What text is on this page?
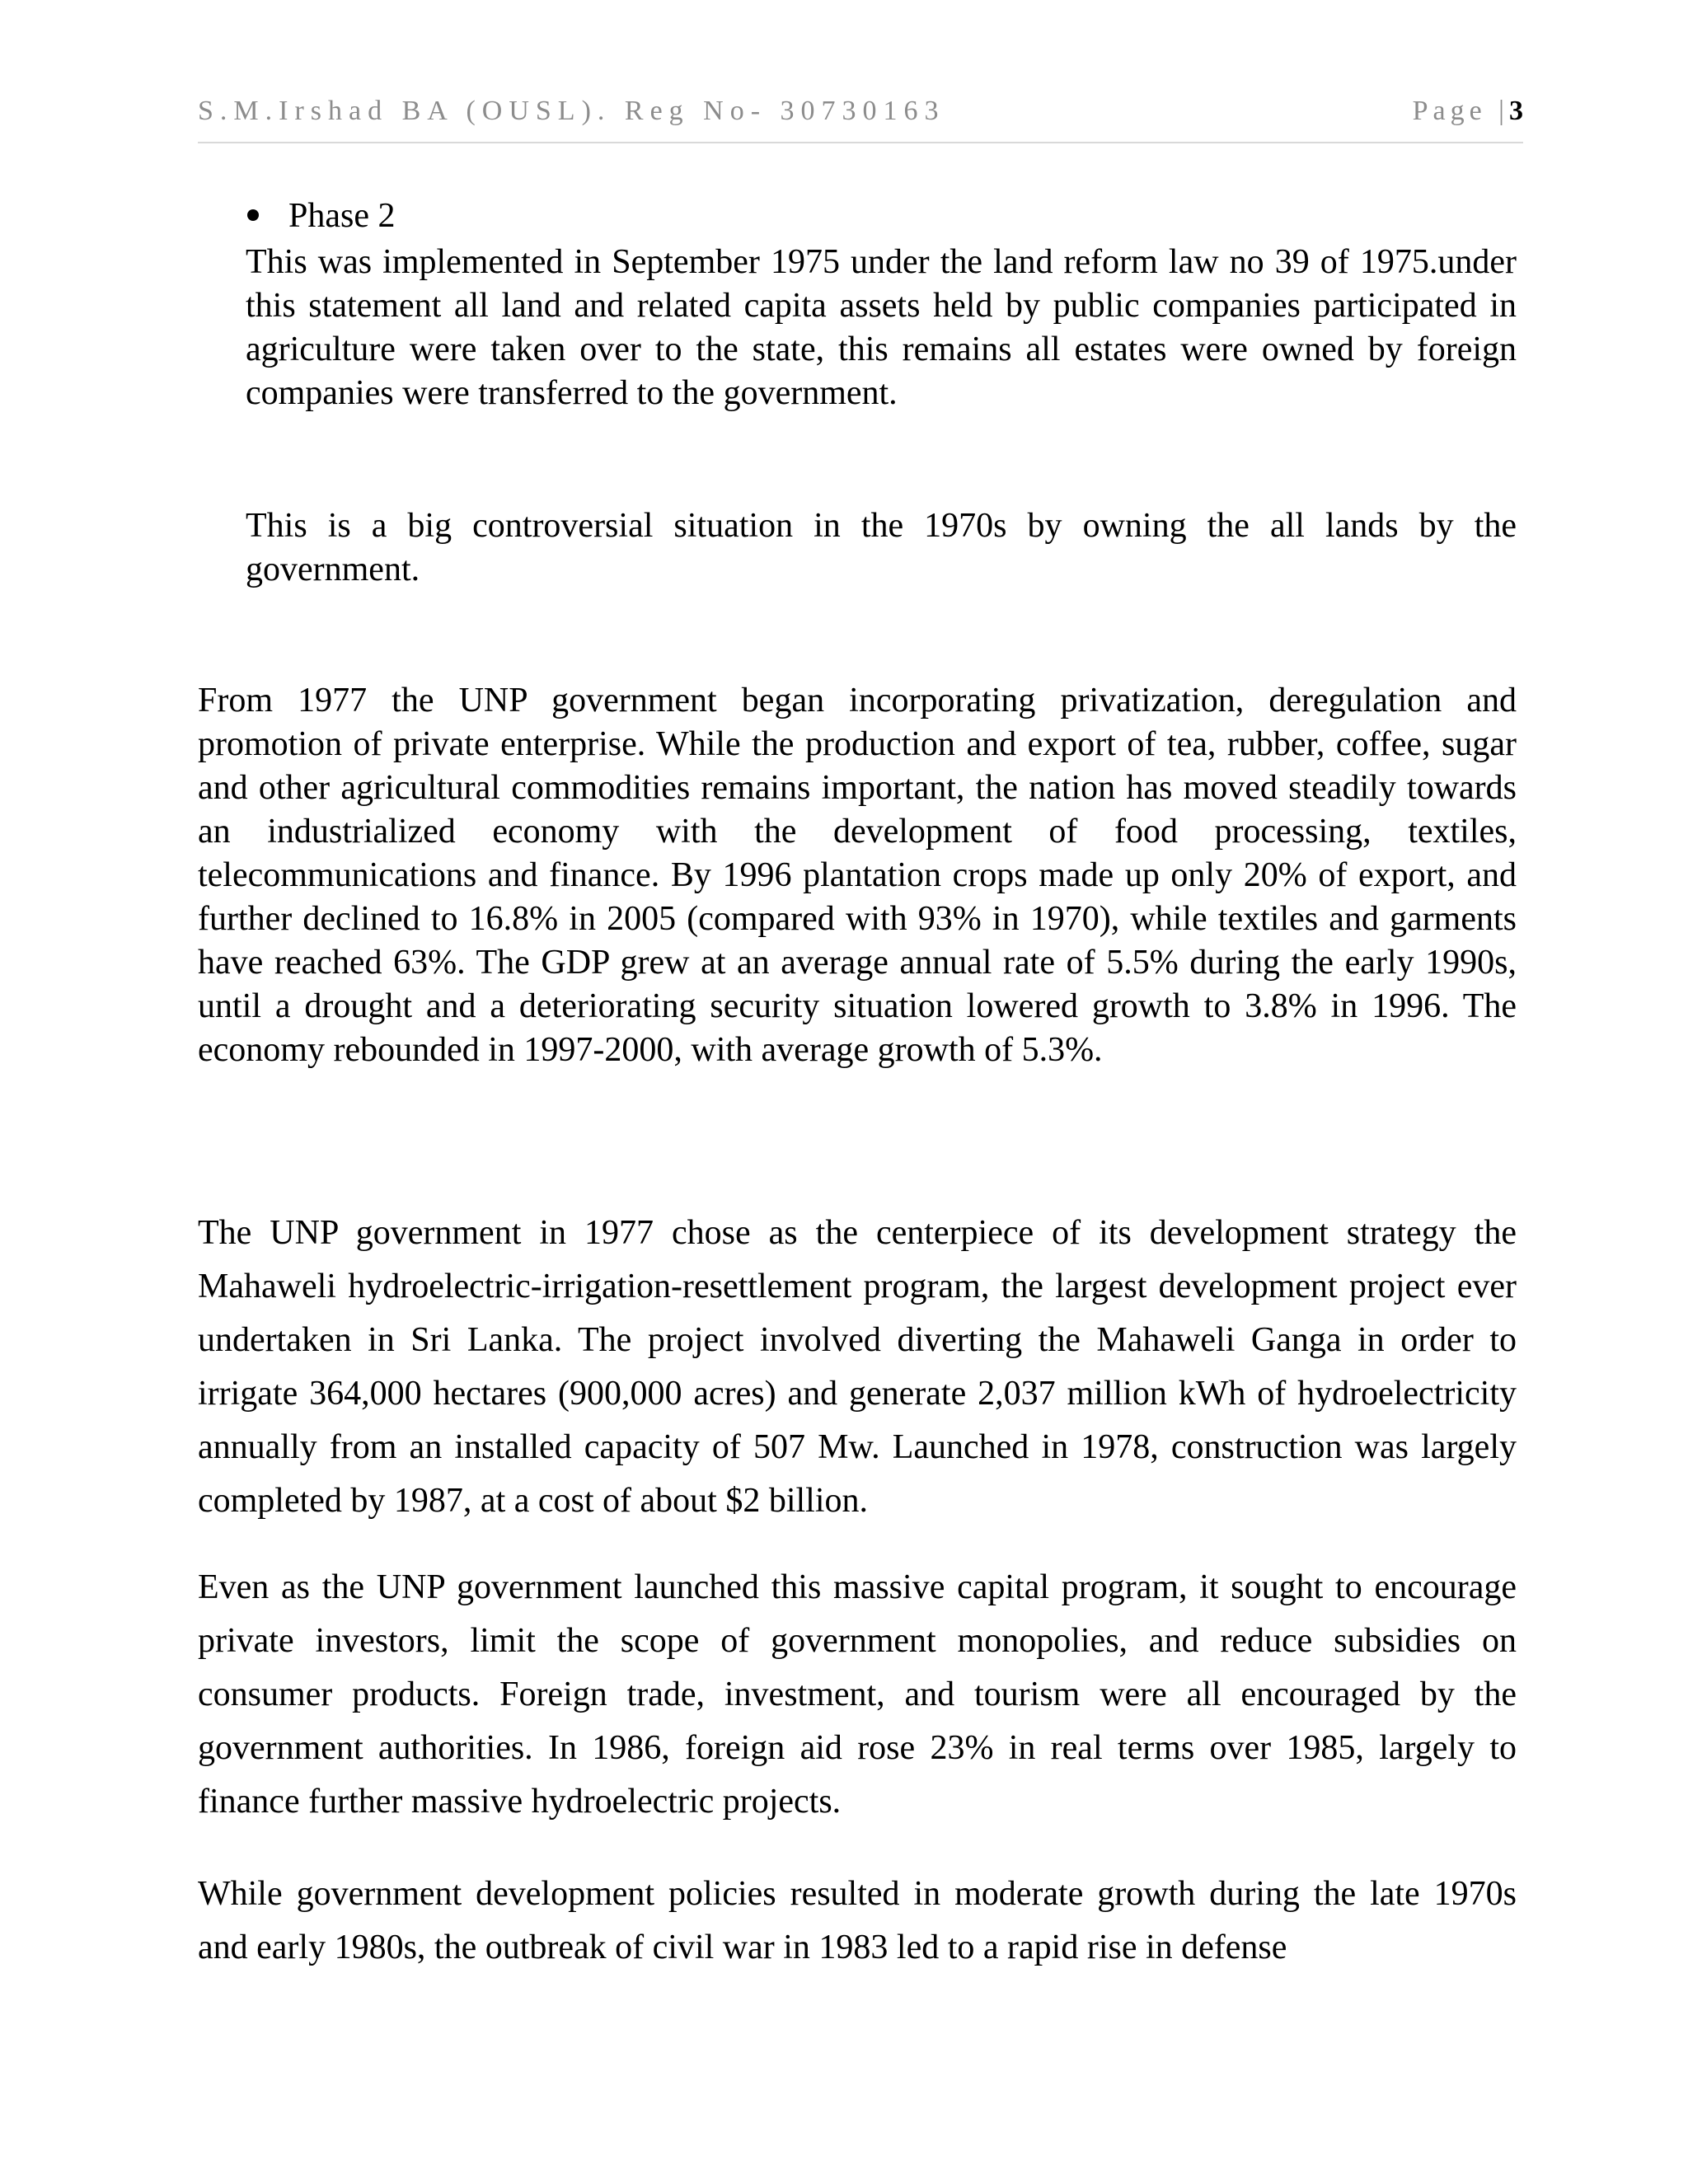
S.M.Irshad BA (OUSL). Reg No- 30730163	Page |3
Phase 2

This was implemented in September 1975 under the land reform law no 39 of 1975.under this statement all land and related capita assets held by public companies participated in agriculture were taken over to the state, this remains all estates were owned by foreign companies were transferred to the government.

This is a big controversial situation in the 1970s by owning the all lands by the government.

From 1977 the UNP government began incorporating privatization, deregulation and promotion of private enterprise. While the production and export of tea, rubber, coffee, sugar and other agricultural commodities remains important, the nation has moved steadily towards an industrialized economy with the development of food processing, textiles, telecommunications and finance. By 1996 plantation crops made up only 20% of export, and further declined to 16.8% in 2005 (compared with 93% in 1970), while textiles and garments have reached 63%. The GDP grew at an average annual rate of 5.5% during the early 1990s, until a drought and a deteriorating security situation lowered growth to 3.8% in 1996. The economy rebounded in 1997-2000, with average growth of 5.3%.

The UNP government in 1977 chose as the centerpiece of its development strategy the Mahaweli hydroelectric-irrigation-resettlement program, the largest development project ever undertaken in Sri Lanka. The project involved diverting the Mahaweli Ganga in order to irrigate 364,000 hectares (900,000 acres) and generate 2,037 million kWh of hydroelectricity annually from an installed capacity of 507 Mw. Launched in 1978, construction was largely completed by 1987, at a cost of about $2 billion.

Even as the UNP government launched this massive capital program, it sought to encourage private investors, limit the scope of government monopolies, and reduce subsidies on consumer products. Foreign trade, investment, and tourism were all encouraged by the government authorities. In 1986, foreign aid rose 23% in real terms over 1985, largely to finance further massive hydroelectric projects.

While government development policies resulted in moderate growth during the late 1970s and early 1980s, the outbreak of civil war in 1983 led to a rapid rise in defense
